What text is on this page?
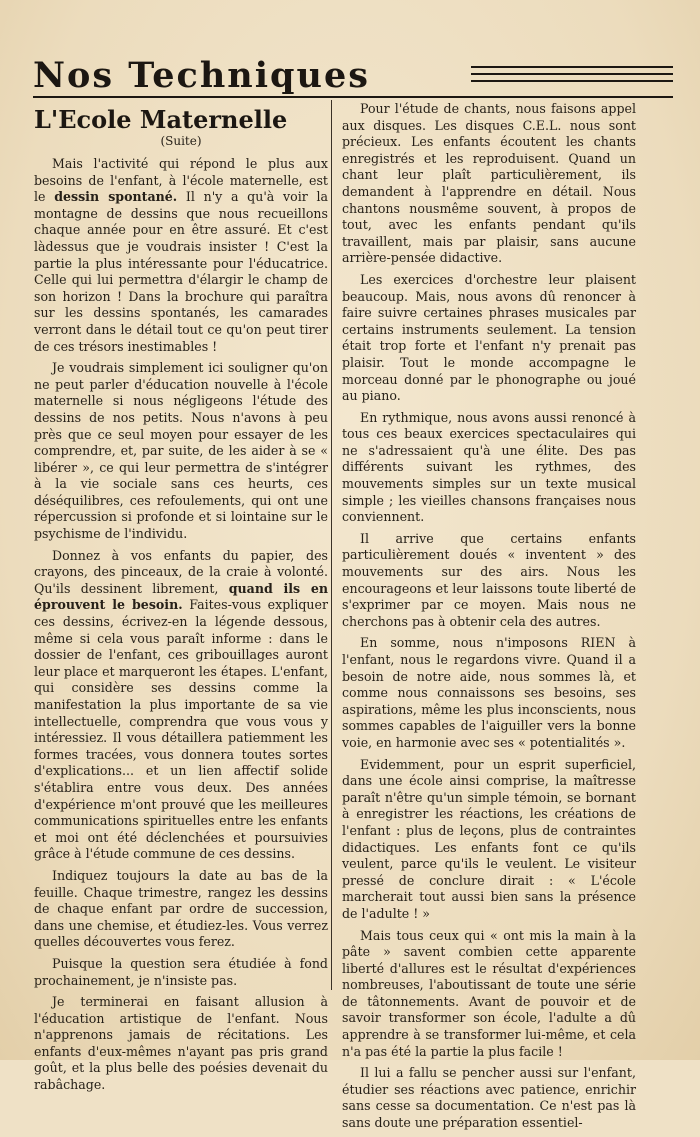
Nos Techniques
L'Ecole Maternelle
(Suite)

Mais l'activité qui répond le plus aux besoins de l'enfant, à l'école maternelle, est le dessin spontané. Il n'y a qu'à voir la montagne de dessins que nous recueillons chaque année pour en être assuré. Et c'est làdessus que je voudrais insister ! C'est la partie la plus intéressante pour l'éducatrice. Celle qui lui permettra d'élargir le champ de son horizon ! Dans la brochure qui paraîtra sur les dessins spontanés, les camarades verront dans le détail tout ce qu'on peut tirer de ces trésors inestimables !

Je voudrais simplement ici souligner qu'on ne peut parler d'éducation nouvelle à l'école maternelle si nous négligeons l'étude des dessins de nos petits. Nous n'avons à peu près que ce seul moyen pour essayer de les comprendre, et, par suite, de les aider à se « libérer », ce qui leur permettra de s'intégrer à la vie sociale sans ces heurts, ces déséquilibres, ces refoulements, qui ont une répercussion si profonde et si lointaine sur le psychisme de l'individu.

Donnez à vos enfants du papier, des crayons, des pinceaux, de la craie à volonté. Qu'ils dessinent librement, quand ils en éprouvent le besoin. Faites-vous expliquer ces dessins, écrivez-en la légende dessous, même si cela vous paraît informe : dans le dossier de l'enfant, ces gribouillages auront leur place et marqueront les étapes. L'enfant, qui considère ses dessins comme la manifestation la plus importante de sa vie intellectuelle, comprendra que vous vous y intéressiez. Il vous détaillera patiemment les formes tracées, vous donnera toutes sortes d'explications... et un lien affectif solide s'établira entre vous deux. Des années d'expérience m'ont prouvé que les meilleures communications spirituelles entre les enfants et moi ont été déclenchées et poursuivies grâce à l'étude commune de ces dessins.

Indiquez toujours la date au bas de la feuille. Chaque trimestre, rangez les dessins de chaque enfant par ordre de succession, dans une chemise, et étudiez-les. Vous verrez quelles découvertes vous ferez.

Puisque la question sera étudiée à fond prochainement, je n'insiste pas.

Je terminerai en faisant allusion à l'éducation artistique de l'enfant. Nous n'apprenons jamais de récitations. Les enfants d'eux-mêmes n'ayant pas pris grand goût, et la plus belle des poésies devenait du rabâchage.

Pour l'étude de chants, nous faisons appel aux disques. Les disques C.E.L. nous sont précieux. Les enfants écoutent les chants enregistrés et les reproduisent. Quand un chant leur plaît particulièrement, ils demandent à l'apprendre en détail. Nous chantons nousmême souvent, à propos de tout, avec les enfants pendant qu'ils travaillent, mais par plaisir, sans aucune arrière-pensée didactive.

Les exercices d'orchestre leur plaisent beaucoup. Mais, nous avons dû renoncer à faire suivre certaines phrases musicales par certains instruments seulement. La tension était trop forte et l'enfant n'y prenait pas plaisir. Tout le monde accompagne le morceau donné par le phonographe ou joué au piano.

En rythmique, nous avons aussi renoncé à tous ces beaux exercices spectaculaires qui ne s'adressaient qu'à une élite. Des pas différents suivant les rythmes, des mouvements simples sur un texte musical simple ; les vieilles chansons françaises nous conviennent.

Il arrive que certains enfants particulièrement doués « inventent » des mouvements sur des airs. Nous les encourageons et leur laissons toute liberté de s'exprimer par ce moyen. Mais nous ne cherchons pas à obtenir cela des autres.

En somme, nous n'imposons RIEN à l'enfant, nous le regardons vivre. Quand il a besoin de notre aide, nous sommes là, et comme nous connaissons ses besoins, ses aspirations, même les plus inconscients, nous sommes capables de l'aiguiller vers la bonne voie, en harmonie avec ses « potentialités ».

Evidemment, pour un esprit superficiel, dans une école ainsi comprise, la maîtresse paraît n'être qu'un simple témoin, se bornant à enregistrer les réactions, les créations de l'enfant : plus de leçons, plus de contraintes didactiques. Les enfants font ce qu'ils veulent, parce qu'ils le veulent. Le visiteur pressé de conclure dirait : « L'école marcherait tout aussi bien sans la présence de l'adulte ! »

Mais tous ceux qui « ont mis la main à la pâte » savent combien cette apparente liberté d'allures est le résultat d'expériences nombreuses, l'aboutissant de toute une série de tâtonnements. Avant de pouvoir et de savoir transformer son école, l'adulte a dû apprendre à se transformer lui-même, et cela n'a pas été la partie la plus facile !

Il lui a fallu se pencher aussi sur l'enfant, étudier ses réactions avec patience, enrichir sans cesse sa documentation. Ce n'est pas là sans doute une préparation essentiel-
